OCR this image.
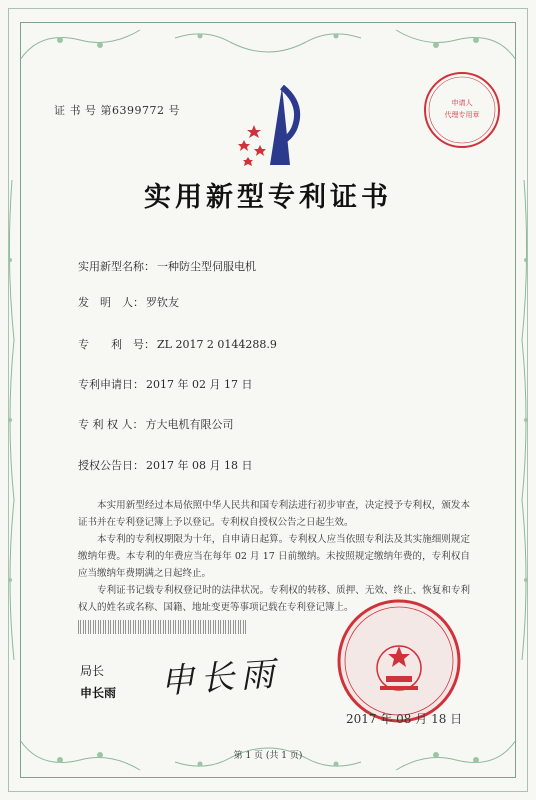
证 书 号 第6399772 号
申请人
代理专用章
实用新型专利证书
实用新型名称： 一种防尘型伺服电机
发　明　人： 罗钦友
专　　利　号： ZL 2017 2 0144288.9
专利申请日： 2017 年 02 月 17 日
专 利 权 人： 方大电机有限公司
授权公告日： 2017 年 08 月 18 日

本实用新型经过本局依照中华人民共和国专利法进行初步审查，决定授予专利权，颁发本证书并在专利登记簿上予以登记。专利权自授权公告之日起生效。

本专利的专利权期限为十年，自申请日起算。专利权人应当依照专利法及其实施细则规定缴纳年费。本专利的年费应当在每年 02 月 17 日前缴纳。未按照规定缴纳年费的，专利权自应当缴纳年费期满之日起终止。

专利证书记载专利权登记时的法律状况。专利权的转移、质押、无效、终止、恢复和专利权人的姓名或名称、国籍、地址变更等事项记载在专利登记簿上。

局长
申长雨 申长雨
2017 年 08 月 18 日
第 1 页 (共 1 页)
